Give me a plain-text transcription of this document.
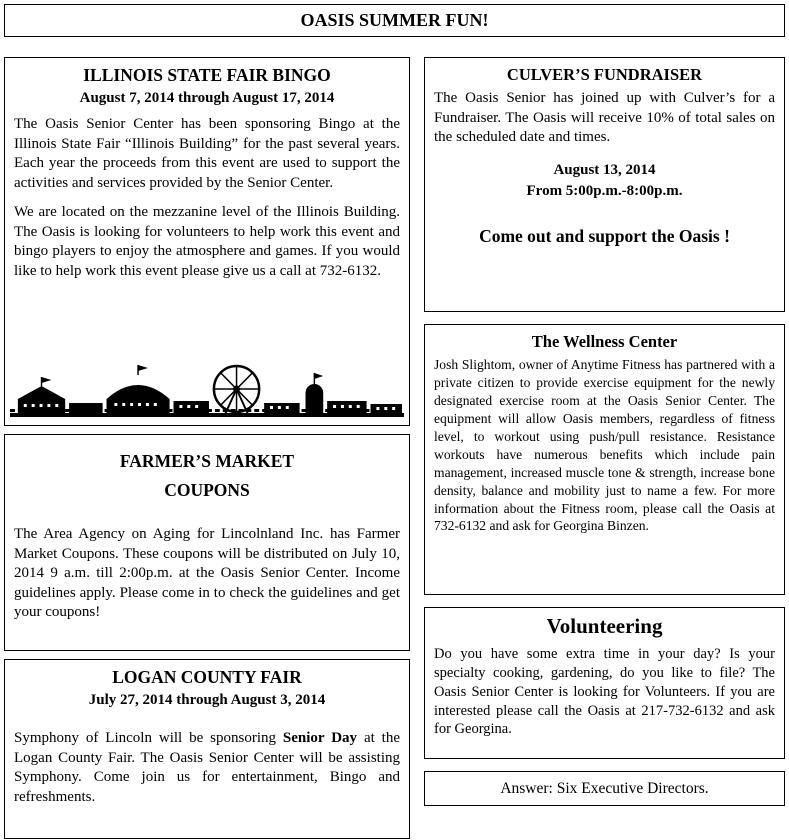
OASIS SUMMER FUN!
ILLINOIS STATE FAIR BINGO
August 7, 2014 through August 17, 2014

The Oasis Senior Center has been sponsoring Bingo at the Illinois State Fair “Illinois Building” for the past several years. Each year the proceeds from this event are used to support the activities and services provided by the Senior Center.

We are located on the mezzanine level of the Illinois Building. The Oasis is looking for volunteers to help work this event and bingo players to enjoy the atmosphere and games. If you would like to help work this event please give us a call at 732-6132.

FARMER’S MARKET
COUPONS

The Area Agency on Aging for Lincolnland Inc. has Farmer Market Coupons. These coupons will be distributed on July 10, 2014 9 a.m. till 2:00p.m. at the Oasis Senior Center. Income guidelines apply. Please come in to check the guidelines and get your coupons!

LOGAN COUNTY FAIR
July 27, 2014 through August 3, 2014

Symphony of Lincoln will be sponsoring Senior Day at the Logan County Fair. The Oasis Senior Center will be assisting Symphony. Come join us for entertainment, Bingo and refreshments.

CULVER’S FUNDRAISER

The Oasis Senior has joined up with Culver’s for a Fundraiser. The Oasis will receive 10% of total sales on the scheduled date and times.

August 13, 2014
From 5:00p.m.-8:00p.m.
Come out and support the Oasis !
The Wellness Center

Josh Slightom, owner of Anytime Fitness has partnered with a private citizen to provide exercise equipment for the newly designated exercise room at the Oasis Senior Center. The equipment will allow Oasis members, regardless of fitness level, to workout using push/pull resistance. Resistance workouts have numerous benefits which include pain management, increased muscle tone & strength, increase bone density, balance and mobility just to name a few. For more information about the Fitness room, please call the Oasis at 732-6132 and ask for Georgina Binzen.

Volunteering

Do you have some extra time in your day? Is your specialty cooking, gardening, do you like to file? The Oasis Senior Center is looking for Volunteers. If you are interested please call the Oasis at 217-732-6132 and ask for Georgina.

Answer: Six Executive Directors.
